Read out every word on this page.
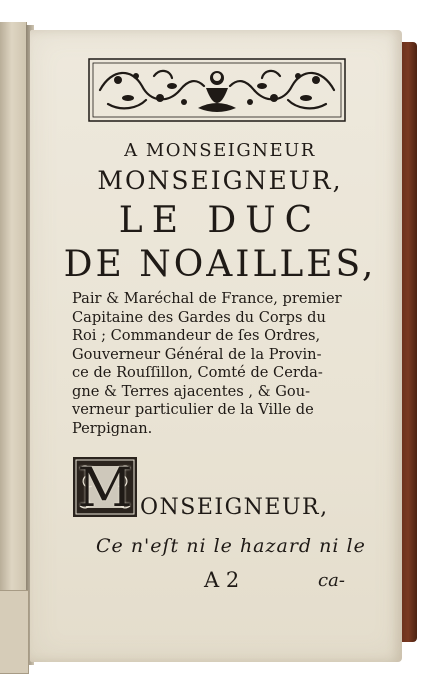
A MONSEIGNEUR
MONSEIGNEUR,
LE DUC
DE NOAILLES,
Pair & Maréchal de France, premier
Capitaine des Gardes du Corps du
Roi ; Commandeur de ſes Ordres,
Gouverneur Général de la Provin-
ce de Rouſſillon, Comté de Cerda-
gne & Terres ajacentes , & Gou-
verneur particulier de la Ville de
Perpignan.
M ONSEIGNEUR,
Ce n'eſt ni le hazard ni le
A 2	ca-
